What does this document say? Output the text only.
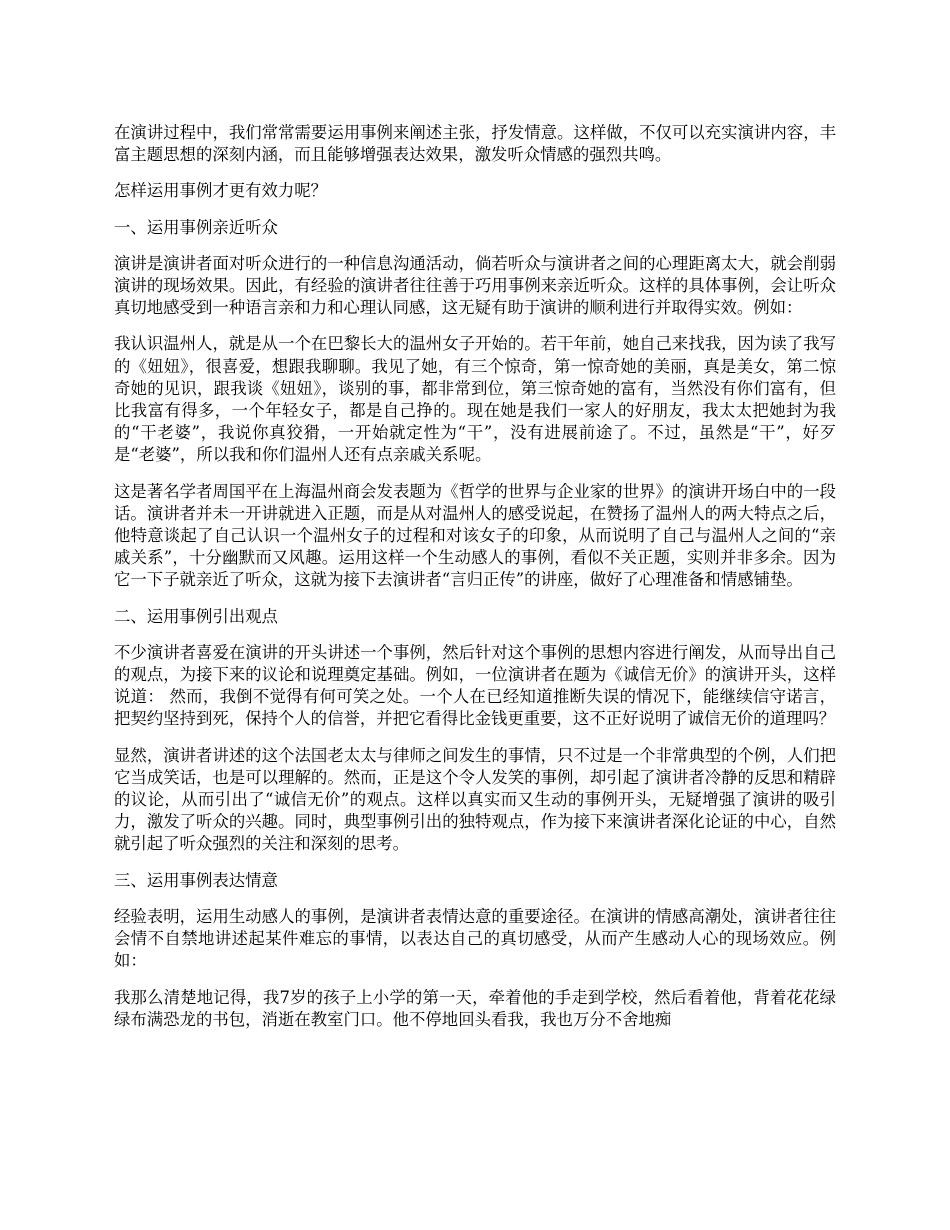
在演讲过程中，我们常常需要运用事例来阐述主张，抒发情意。这样做，不仅可以充实演讲内容，丰富主题思想的深刻内涵，而且能够增强表达效果，激发听众情感的强烈共鸣。

怎样运用事例才更有效力呢？

一、运用事例亲近听众

演讲是演讲者面对听众进行的一种信息沟通活动，倘若听众与演讲者之间的心理距离太大，就会削弱演讲的现场效果。因此，有经验的演讲者往往善于巧用事例来亲近听众。这样的具体事例，会让听众真切地感受到一种语言亲和力和心理认同感，这无疑有助于演讲的顺利进行并取得实效。例如：

我认识温州人，就是从一个在巴黎长大的温州女子开始的。若干年前，她自己来找我，因为读了我写的《妞妞》，很喜爱，想跟我聊聊。我见了她，有三个惊奇，第一惊奇她的美丽，真是美女，第二惊奇她的见识，跟我谈《妞妞》，谈别的事，都非常到位，第三惊奇她的富有，当然没有你们富有，但比我富有得多，一个年轻女子，都是自己挣的。现在她是我们一家人的好朋友，我太太把她封为我的“干老婆”，我说你真狡猾，一开始就定性为“干”，没有进展前途了。不过，虽然是“干”，好歹是“老婆”，所以我和你们温州人还有点亲戚关系呢。

这是著名学者周国平在上海温州商会发表题为《哲学的世界与企业家的世界》的演讲开场白中的一段话。演讲者并未一开讲就进入正题，而是从对温州人的感受说起，在赞扬了温州人的两大特点之后，他特意谈起了自己认识一个温州女子的过程和对该女子的印象，从而说明了自己与温州人之间的“亲戚关系”，十分幽默而又风趣。运用这样一个生动感人的事例，看似不关正题，实则并非多余。因为它一下子就亲近了听众，这就为接下去演讲者“言归正传”的讲座，做好了心理准备和情感铺垫。

二、运用事例引出观点

不少演讲者喜爱在演讲的开头讲述一个事例，然后针对这个事例的思想内容进行阐发，从而导出自己的观点，为接下来的议论和说理奠定基础。例如，一位演讲者在题为《诚信无价》的演讲开头，这样说道： 然而，我倒不觉得有何可笑之处。一个人在已经知道推断失误的情况下，能继续信守诺言，把契约坚持到死，保持个人的信誉，并把它看得比金钱更重要，这不正好说明了诚信无价的道理吗？

显然，演讲者讲述的这个法国老太太与律师之间发生的事情，只不过是一个非常典型的个例，人们把它当成笑话，也是可以理解的。然而，正是这个令人发笑的事例，却引起了演讲者冷静的反思和精辟的议论，从而引出了“诚信无价”的观点。这样以真实而又生动的事例开头，无疑增强了演讲的吸引力，激发了听众的兴趣。同时，典型事例引出的独特观点，作为接下来演讲者深化论证的中心，自然就引起了听众强烈的关注和深刻的思考。

三、运用事例表达情意

经验表明，运用生动感人的事例，是演讲者表情达意的重要途径。在演讲的情感高潮处，演讲者往往会情不自禁地讲述起某件难忘的事情，以表达自己的真切感受，从而产生感动人心的现场效应。例如：

我那么清楚地记得，我7岁的孩子上小学的第一天，牵着他的手走到学校，然后看着他，背着花花绿绿布满恐龙的书包，消逝在教室门口。他不停地回头看我，我也万分不舍地痴
